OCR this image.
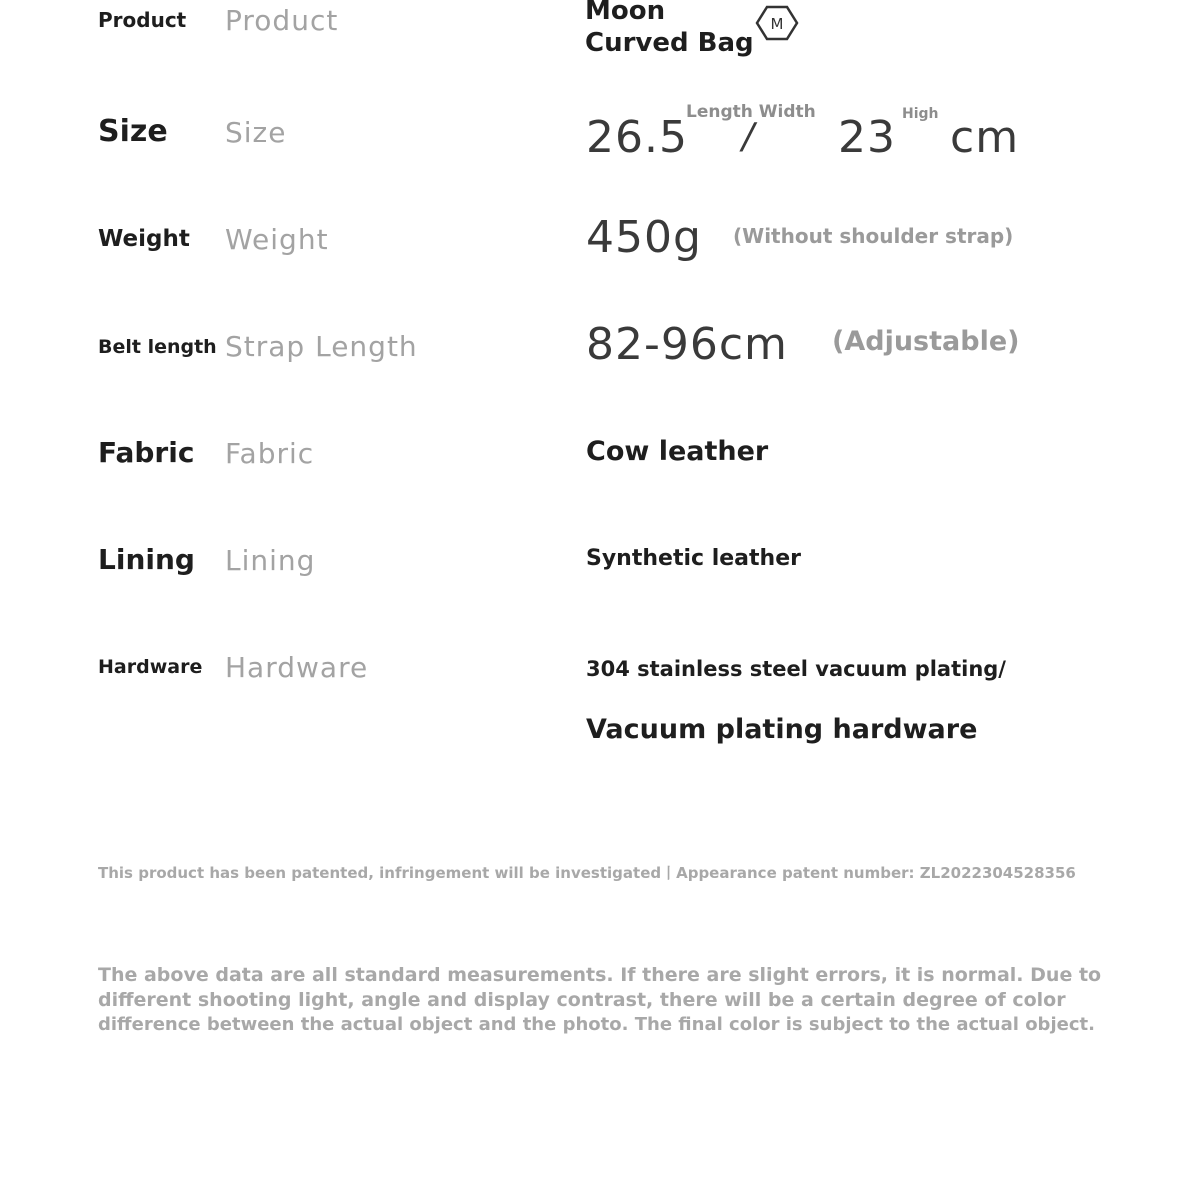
Product Product	Moon
Curved Bag
M
Size Size	26.5
Length Width
/ 23 High cm
Weight Weight	450g (Without shoulder strap)
Belt length Strap Length	82-96cm (Adjustable)
Fabric Fabric	Cow leather
Lining Lining	Synthetic leather
Hardware Hardware	304 stainless steel vacuum plating/
Vacuum plating hardware
This product has been patented, infringement will be investigated丨Appearance patent number: ZL2022304528356
The above data are all standard measurements. If there are slight errors, it is normal. Due to
different shooting light, angle and display contrast, there will be a certain degree of color
difference between the actual object and the photo. The final color is subject to the actual object.
